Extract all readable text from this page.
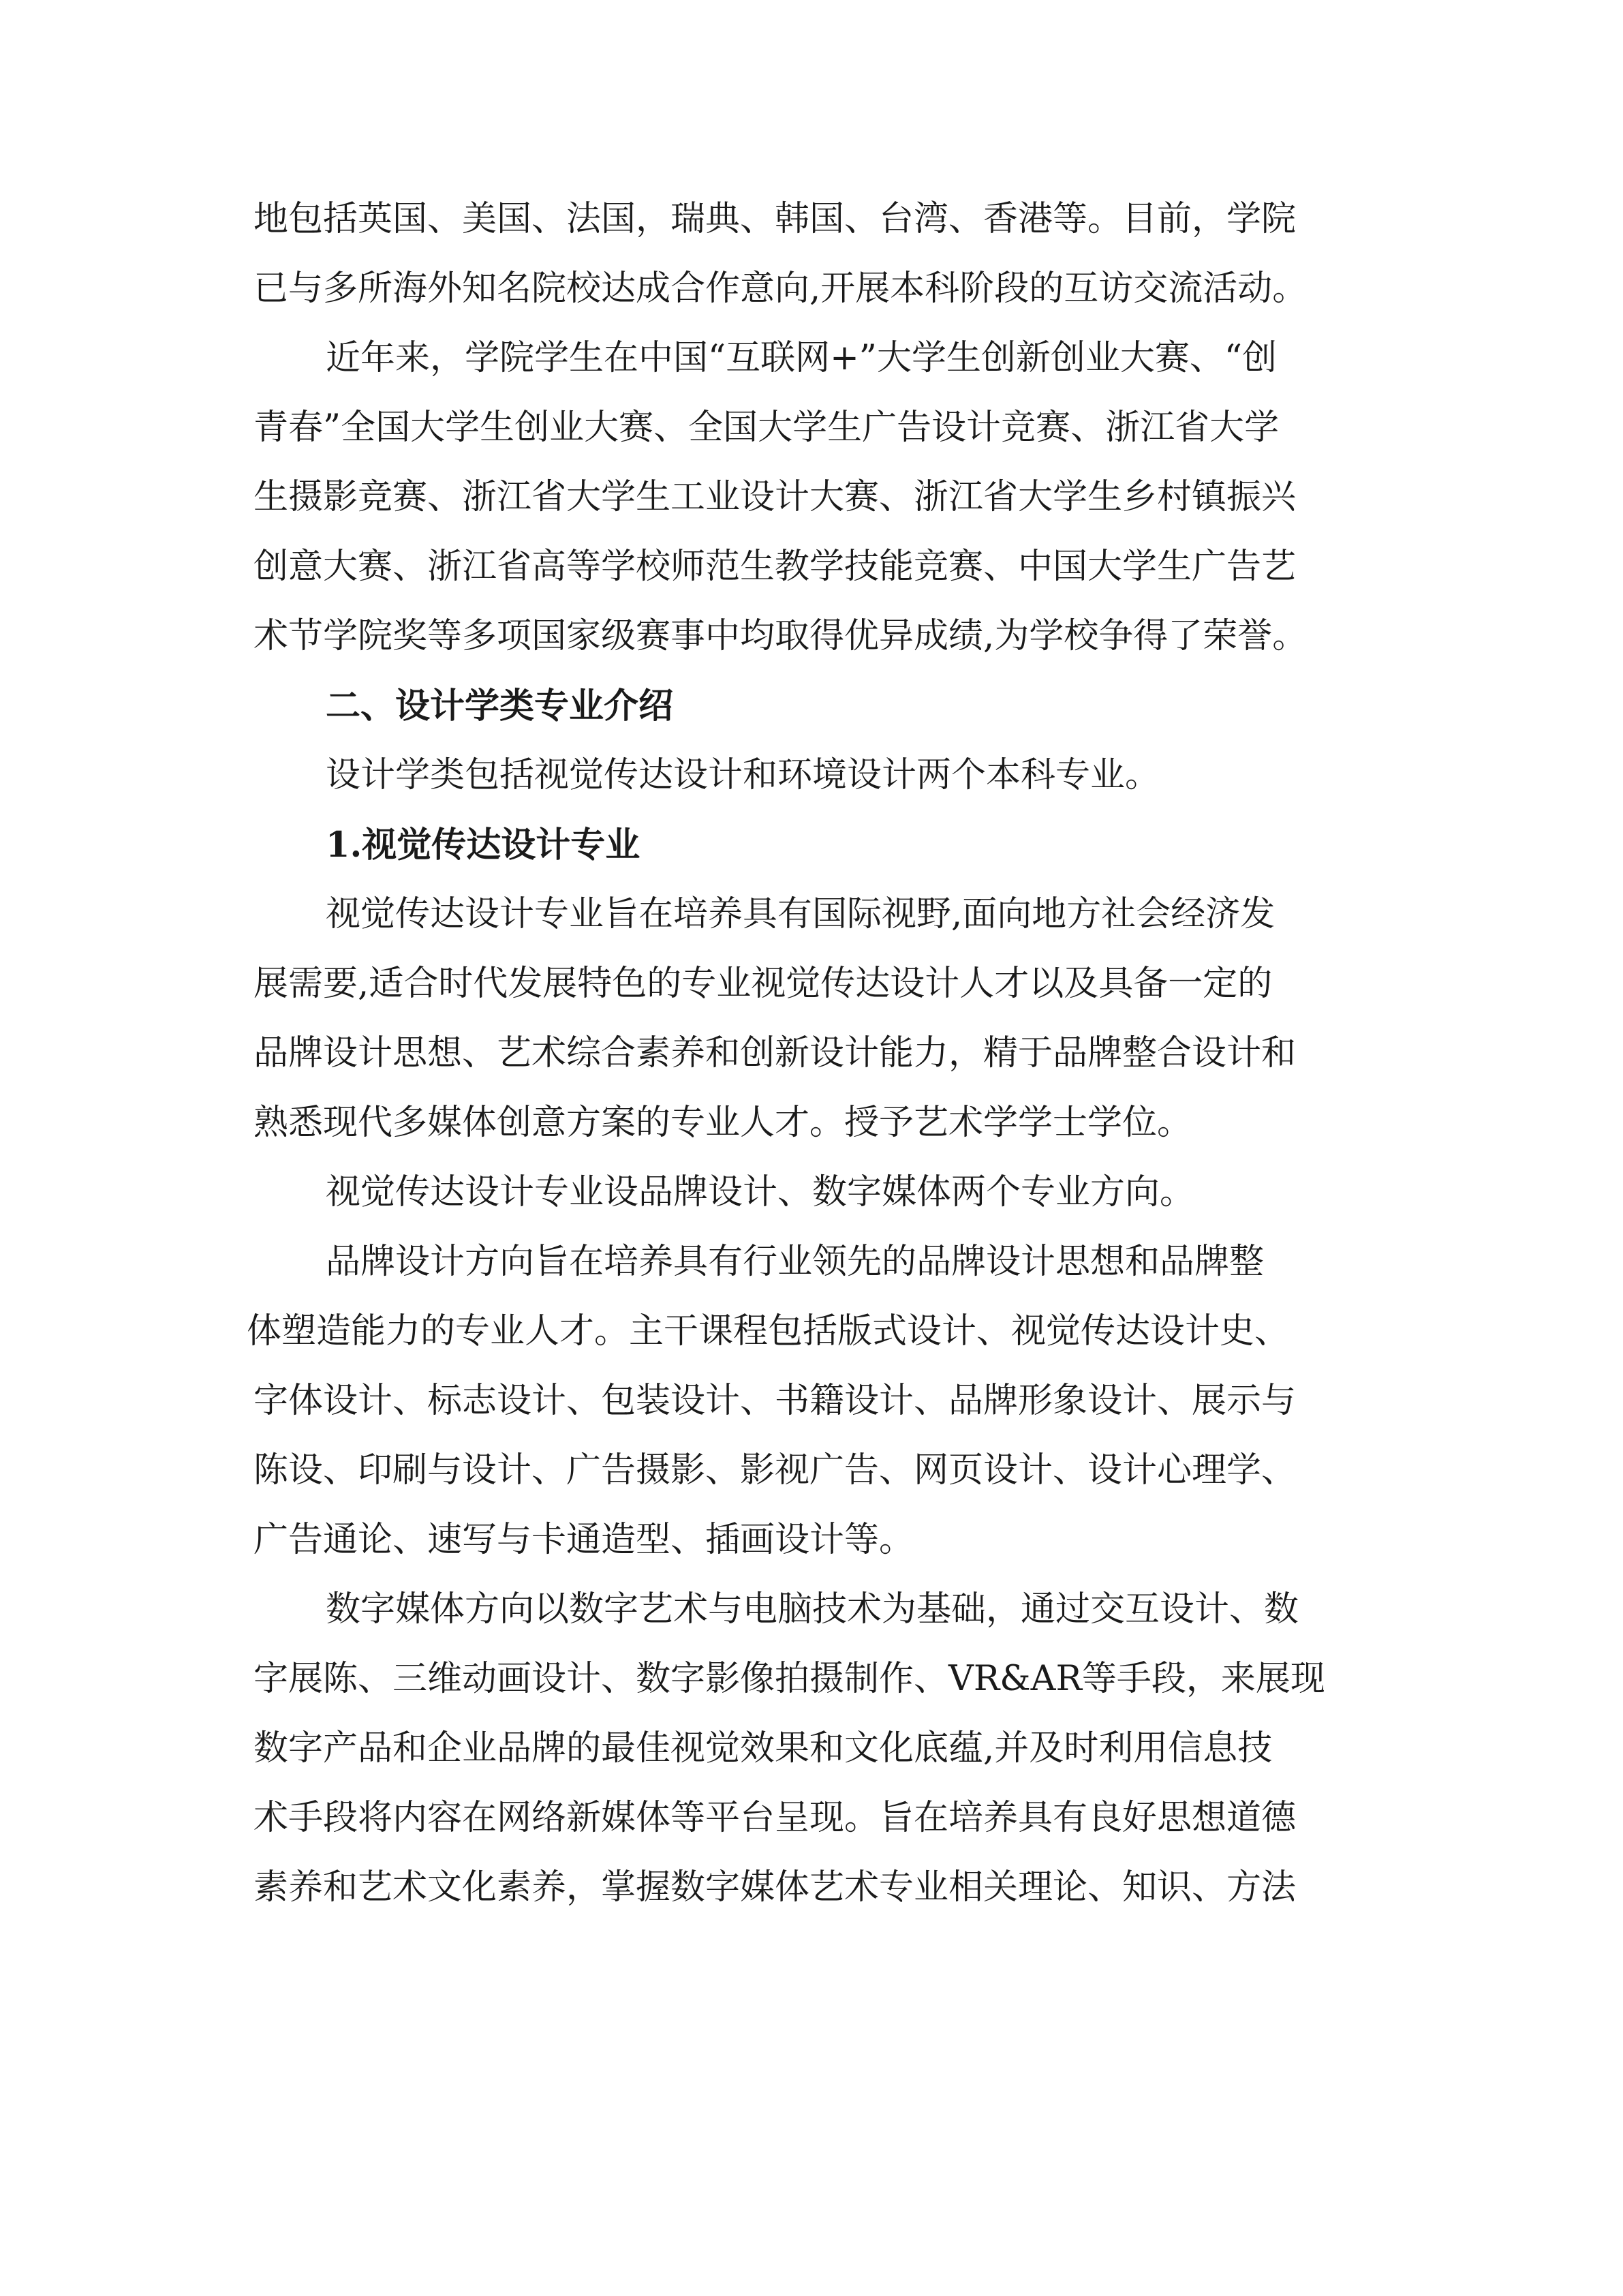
地包括英国、美国、法国，瑞典、韩国、台湾、香港等。目前，学院

已与多所海外知名院校达成合作意向,开展本科阶段的互访交流活动。

近年来，学院学生在中国“互联网+”大学生创新创业大赛、“创

青春”全国大学生创业大赛、全国大学生广告设计竞赛、浙江省大学

生摄影竞赛、浙江省大学生工业设计大赛、浙江省大学生乡村镇振兴

创意大赛、浙江省高等学校师范生教学技能竞赛、中国大学生广告艺

术节学院奖等多项国家级赛事中均取得优异成绩,为学校争得了荣誉。

二、设计学类专业介绍

设计学类包括视觉传达设计和环境设计两个本科专业。

1.视觉传达设计专业

视觉传达设计专业旨在培养具有国际视野,面向地方社会经济发

展需要,适合时代发展特色的专业视觉传达设计人才以及具备一定的

品牌设计思想、艺术综合素养和创新设计能力，精于品牌整合设计和

熟悉现代多媒体创意方案的专业人才。授予艺术学学士学位。

视觉传达设计专业设品牌设计、数字媒体两个专业方向。

品牌设计方向旨在培养具有行业领先的品牌设计思想和品牌整

体塑造能力的专业人才。主干课程包括版式设计、视觉传达设计史、

字体设计、标志设计、包装设计、书籍设计、品牌形象设计、展示与

陈设、印刷与设计、广告摄影、影视广告、网页设计、设计心理学、

广告通论、速写与卡通造型、插画设计等。

数字媒体方向以数字艺术与电脑技术为基础，通过交互设计、数

字展陈、三维动画设计、数字影像拍摄制作、VR&AR等手段，来展现

数字产品和企业品牌的最佳视觉效果和文化底蕴,并及时利用信息技

术手段将内容在网络新媒体等平台呈现。旨在培养具有良好思想道德

素养和艺术文化素养，掌握数字媒体艺术专业相关理论、知识、方法
